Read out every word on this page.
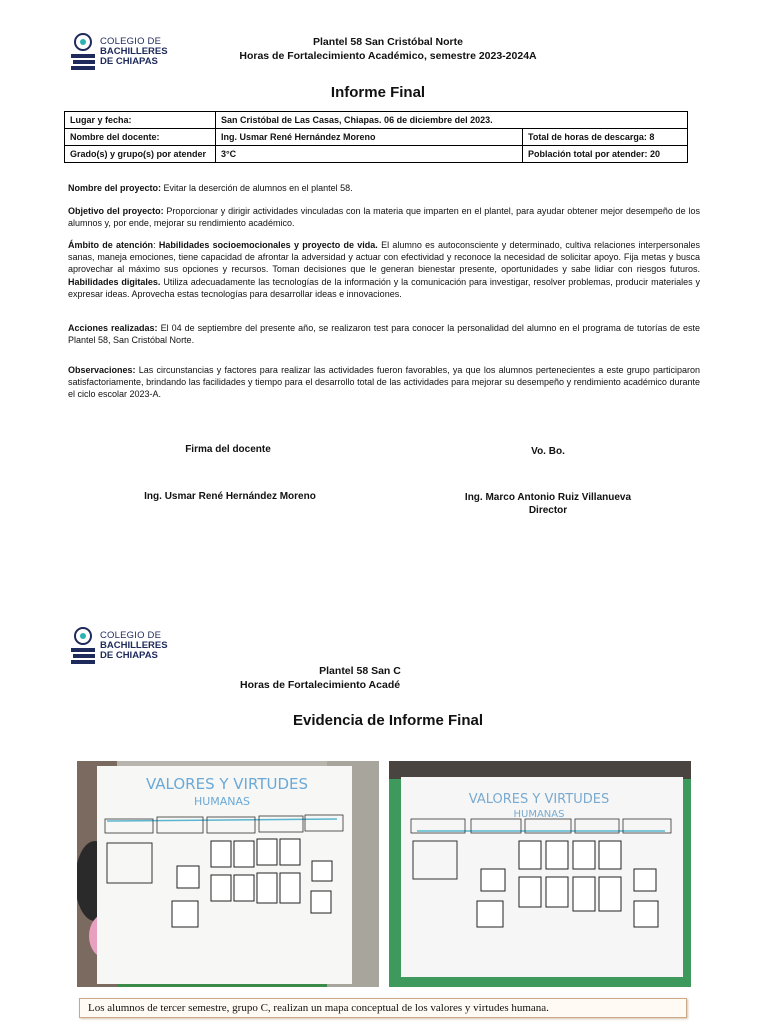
COLEGIO DE
BACHILLERES
DE CHIAPAS
Plantel 58 San Cristóbal Norte
Horas de Fortalecimiento Académico, semestre 2023-2024A
Informe Final
Lugar y fecha:	San Cristóbal de Las Casas, Chiapas. 06 de diciembre del 2023.	
Nombre del docente:	Ing. Usmar René Hernández Moreno	Total de horas de descarga: 8
Grado(s) y grupo(s) por atender	3°C	Población total por atender: 20
Nombre del proyecto: Evitar la deserción de alumnos en el plantel 58.
Objetivo del proyecto: Proporcionar y dirigir actividades vinculadas con la materia que imparten en el plantel, para ayudar obtener mejor desempeño de los alumnos y, por ende, mejorar su rendimiento académico.
Ámbito de atención: Habilidades socioemocionales y proyecto de vida. El alumno es autoconsciente y determinado, cultiva relaciones interpersonales sanas, maneja emociones, tiene capacidad de afrontar la adversidad y actuar con efectividad y reconoce la necesidad de solicitar apoyo. Fija metas y busca aprovechar al máximo sus opciones y recursos. Toman decisiones que le generan bienestar presente, oportunidades y sabe lidiar con riesgos futuros. Habilidades digitales. Utiliza adecuadamente las tecnologías de la información y la comunicación para investigar, resolver problemas, producir materiales y expresar ideas. Aprovecha estas tecnologías para desarrollar ideas e innovaciones.
Acciones realizadas: El 04 de septiembre del presente año, se realizaron test para conocer la personalidad del alumno en el programa de tutorías de este Plantel 58, San Cristóbal Norte.
Observaciones: Las circunstancias y factores para realizar las actividades fueron favorables, ya que los alumnos pertenecientes a este grupo participaron satisfactoriamente, brindando las facilidades y tiempo para el desarrollo total de las actividades para mejorar su desempeño y rendimiento académico durante el ciclo escolar 2023-A.
Firma del docente	Vo. Bo.
Ing. Usmar René Hernández Moreno	Ing. Marco Antonio Ruiz Villanueva
Director
COLEGIO DE
BACHILLERES
DE CHIAPAS
Plantel 58 San C
Horas de Fortalecimiento Acadé
Evidencia de Informe Final
VALORES Y VIRTUDES
HUMANAS	VALORES Y VIRTUDES
HUMANAS
Los alumnos de tercer semestre, grupo C, realizan un mapa conceptual de los valores y virtudes humana.
